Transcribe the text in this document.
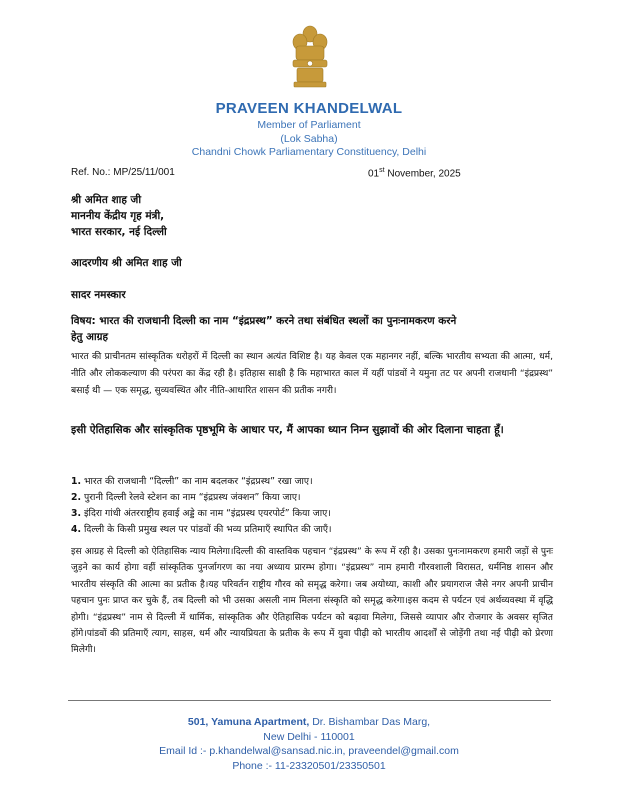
PRAVEEN KHANDELWAL
Member of Parliament
(Lok Sabha)
Chandni Chowk Parliamentary Constituency, Delhi
Ref. No.: MP/25/11/001	01st November, 2025
श्री अमित शाह जी
माननीय केंद्रीय गृह मंत्री,
भारत सरकार, नई दिल्ली
आदरणीय श्री अमित शाह जी
सादर नमस्कार
विषय: भारत की राजधानी दिल्ली का नाम “इंद्रप्रस्थ” करने तथा संबंधित स्थलों का पुनःनामकरण करने
हेतु आग्रह

भारत की प्राचीनतम सांस्कृतिक धरोहरों में दिल्ली का स्थान अत्यंत विशिष्ट है। यह केवल एक महानगर नहीं, बल्कि भारतीय सभ्यता की आत्मा, धर्म, नीति और लोककल्याण की परंपरा का केंद्र रही है। इतिहास साक्षी है कि महाभारत काल में यहीं पांडवों ने यमुना तट पर अपनी राजधानी “इंद्रप्रस्थ” बसाई थी — एक समृद्ध, सुव्यवस्थित और नीति-आधारित शासन की प्रतीक नगरी।

इसी ऐतिहासिक और सांस्कृतिक पृष्ठभूमि के आधार पर, मैं आपका ध्यान निम्न सुझावों की ओर दिलाना चाहता हूँ।
1. भारत की राजधानी “दिल्ली” का नाम बदलकर “इंद्रप्रस्थ” रखा जाए।
2. पुरानी दिल्ली रेलवे स्टेशन का नाम “इंद्रप्रस्थ जंक्शन” किया जाए।
3. इंदिरा गांधी अंतरराष्ट्रीय हवाई अड्डे का नाम “इंद्रप्रस्थ एयरपोर्ट” किया जाए।
4. दिल्ली के किसी प्रमुख स्थल पर पांडवों की भव्य प्रतिमाएँ स्थापित की जाएँ।

इस आग्रह से दिल्ली को ऐतिहासिक न्याय मिलेगा।दिल्ली की वास्तविक पहचान “इंद्रप्रस्थ” के रूप में रही है। उसका पुनःनामकरण हमारी जड़ों से पुनः जुड़ने का कार्य होगा वहीं सांस्कृतिक पुनर्जागरण का नया अध्याय प्रारम्भ होगा। “इंद्रप्रस्थ” नाम हमारी गौरवशाली विरासत, धर्मनिष्ठ शासन और भारतीय संस्कृति की आत्मा का प्रतीक है।यह परिवर्तन राष्ट्रीय गौरव को समृद्ध करेगा। जब अयोध्या, काशी और प्रयागराज जैसे नगर अपनी प्राचीन पहचान पुनः प्राप्त कर चुके हैं, तब दिल्ली को भी उसका असली नाम मिलना संस्कृति को समृद्ध करेगा।इस कदम से पर्यटन एवं अर्थव्यवस्था में वृद्धि होगी। “इंद्रप्रस्थ” नाम से दिल्ली में धार्मिक, सांस्कृतिक और ऐतिहासिक पर्यटन को बढ़ावा मिलेगा, जिससे व्यापार और रोजगार के अवसर सृजित होंगे।पांडवों की प्रतिमाएँ त्याग, साहस, धर्म और न्यायप्रियता के प्रतीक के रूप में युवा पीढ़ी को भारतीय आदर्शों से जोड़ेंगी तथा नई पीढ़ी को प्रेरणा मिलेगी।

501, Yamuna Apartment, Dr. Bishambar Das Marg,
New Delhi - 110001
Email Id :- p.khandelwal@sansad.nic.in, praveendel@gmail.com
Phone :- 11-23320501/23350501
